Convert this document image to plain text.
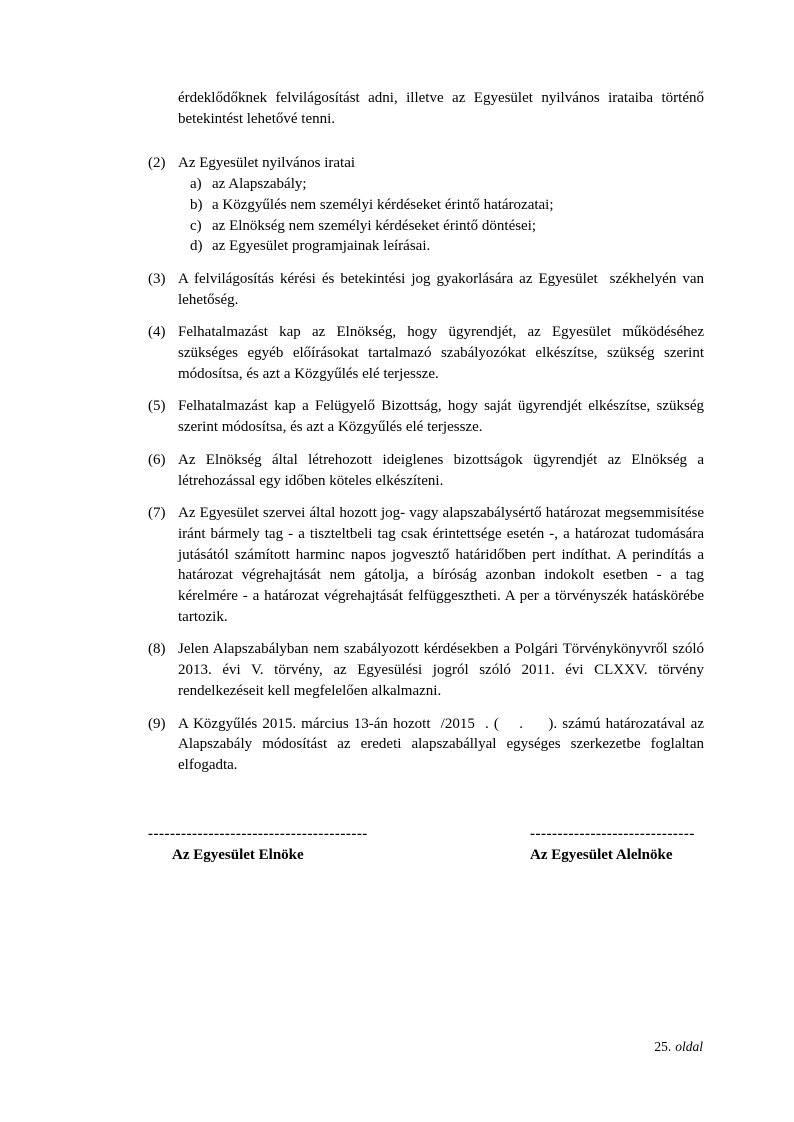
érdeklődőknek felvilágosítást adni, illetve az Egyesület nyilvános irataiba történő betekintést lehetővé tenni.

(2) Az Egyesület nyilvános iratai
a) az Alapszabály;
b) a Közgyűlés nem személyi kérdéseket érintő határozatai;
c) az Elnökség nem személyi kérdéseket érintő döntései;
d) az Egyesület programjainak leírásai.
(3) A felvilágosítás kérési és betekintési jog gyakorlására az Egyesület  székhelyén van lehetőség.
(4) Felhatalmazást kap az Elnökség, hogy ügyrendjét, az Egyesület működéséhez szükséges egyéb előírásokat tartalmazó szabályozókat elkészítse, szükség szerint módosítsa, és azt a Közgyűlés elé terjessze.
(5) Felhatalmazást kap a Felügyelő Bizottság, hogy saját ügyrendjét elkészítse, szükség szerint módosítsa, és azt a Közgyűlés elé terjessze.
(6) Az Elnökség által létrehozott ideiglenes bizottságok ügyrendjét az Elnökség a létrehozással egy időben köteles elkészíteni.
(7) Az Egyesület szervei által hozott jog- vagy alapszabálysértő határozat megsemmisítése iránt bármely tag - a tiszteltbeli tag csak érintettsége esetén -, a határozat tudomására jutásától számított harminc napos jogvesztő határidőben pert indíthat. A perindítás a határozat végrehajtását nem gátolja, a bíróság azonban indokolt esetben - a tag kérelmére - a határozat végrehajtását felfüggesztheti. A per a törvényszék hatáskörébe tartozik.
(8) Jelen Alapszabályban nem szabályozott kérdésekben a Polgári Törvénykönyvről szóló 2013. évi V. törvény, az Egyesülési jogról szóló 2011. évi CLXXV. törvény rendelkezéseit kell megfelelően alkalmazni.
(9) A Közgyűlés 2015. március 13-án hozott  /2015  . (    .     ). számú határozatával az Alapszabály módosítást az eredeti alapszabállyal egységes szerkezetbe foglaltan elfogadta.
----------------------------------------
Az Egyesület Elnöke
------------------------------
Az Egyesület Alelnöke
25. oldal
